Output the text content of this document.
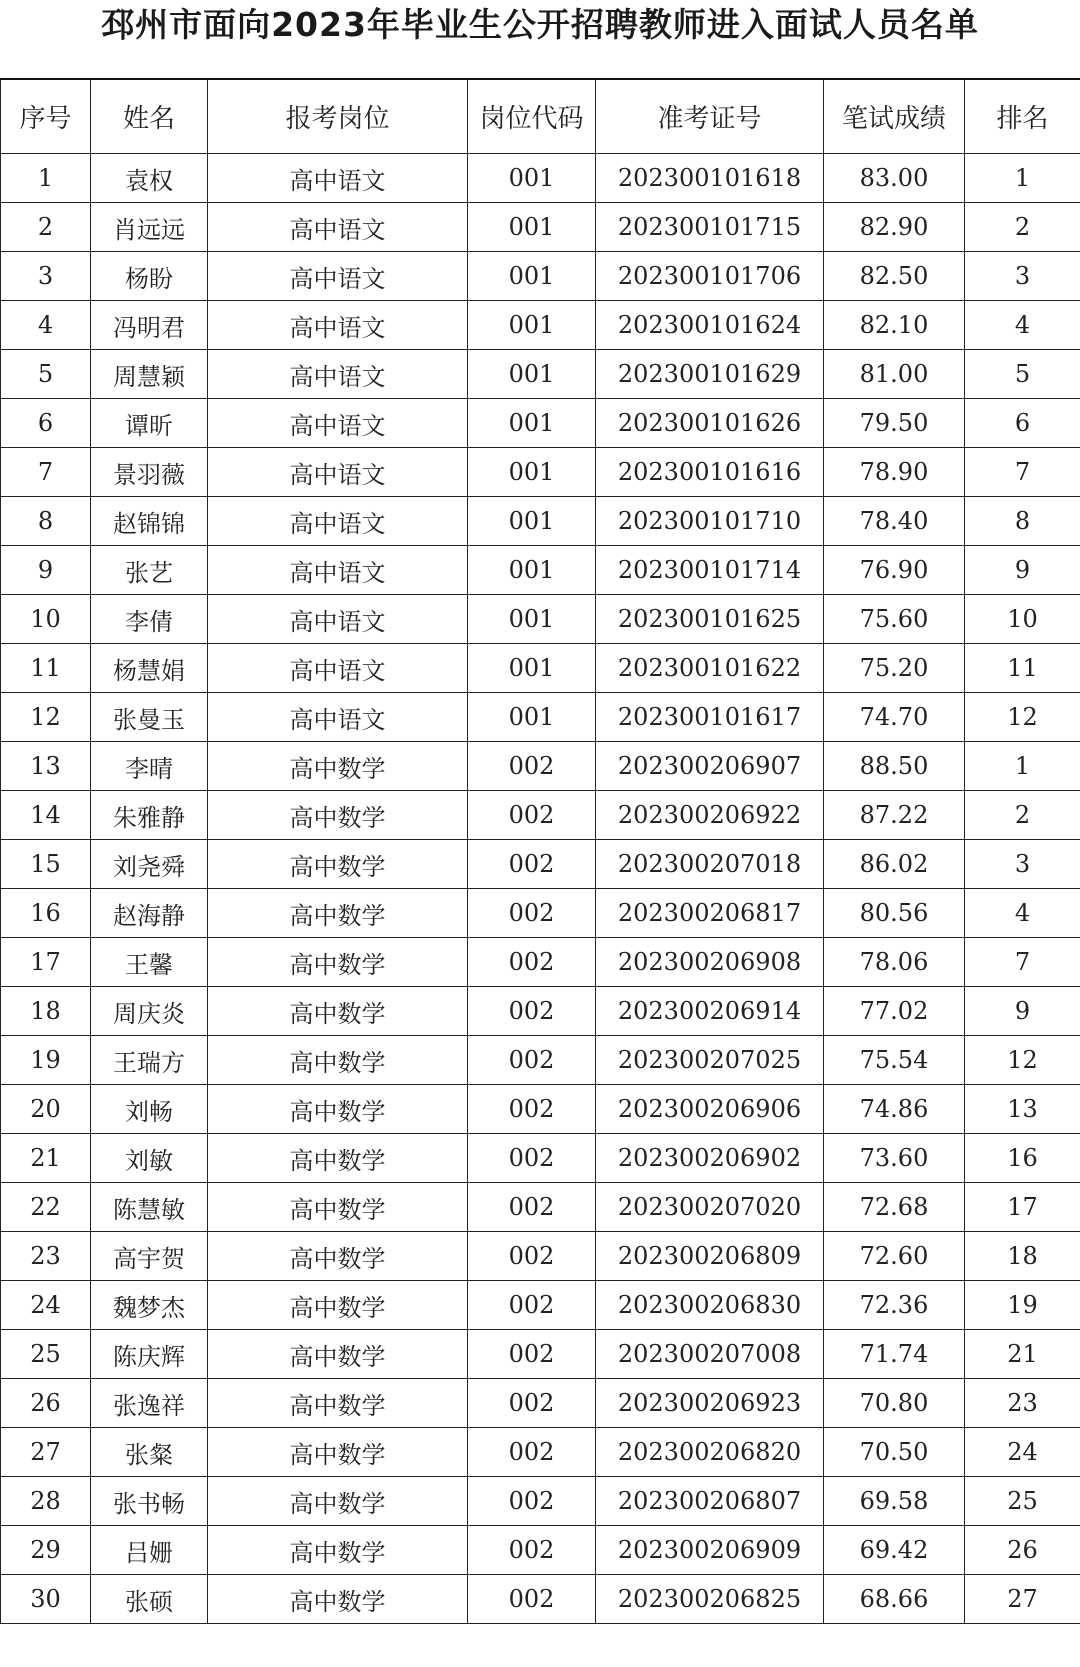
邳州市面向2023年毕业生公开招聘教师进入面试人员名单
序号	姓名	报考岗位	岗位代码	准考证号	笔试成绩	排名
1	袁权	高中语文	001	202300101618	83.00	1
2	肖远远	高中语文	001	202300101715	82.90	2
3	杨盼	高中语文	001	202300101706	82.50	3
4	冯明君	高中语文	001	202300101624	82.10	4
5	周慧颖	高中语文	001	202300101629	81.00	5
6	谭昕	高中语文	001	202300101626	79.50	6
7	景羽薇	高中语文	001	202300101616	78.90	7
8	赵锦锦	高中语文	001	202300101710	78.40	8
9	张艺	高中语文	001	202300101714	76.90	9
10	李倩	高中语文	001	202300101625	75.60	10
11	杨慧娟	高中语文	001	202300101622	75.20	11
12	张曼玉	高中语文	001	202300101617	74.70	12
13	李晴	高中数学	002	202300206907	88.50	1
14	朱雅静	高中数学	002	202300206922	87.22	2
15	刘尧舜	高中数学	002	202300207018	86.02	3
16	赵海静	高中数学	002	202300206817	80.56	4
17	王馨	高中数学	002	202300206908	78.06	7
18	周庆炎	高中数学	002	202300206914	77.02	9
19	王瑞方	高中数学	002	202300207025	75.54	12
20	刘畅	高中数学	002	202300206906	74.86	13
21	刘敏	高中数学	002	202300206902	73.60	16
22	陈慧敏	高中数学	002	202300207020	72.68	17
23	高宇贺	高中数学	002	202300206809	72.60	18
24	魏梦杰	高中数学	002	202300206830	72.36	19
25	陈庆辉	高中数学	002	202300207008	71.74	21
26	张逸祥	高中数学	002	202300206923	70.80	23
27	张粲	高中数学	002	202300206820	70.50	24
28	张书畅	高中数学	002	202300206807	69.58	25
29	吕姗	高中数学	002	202300206909	69.42	26
30	张硕	高中数学	002	202300206825	68.66	27
